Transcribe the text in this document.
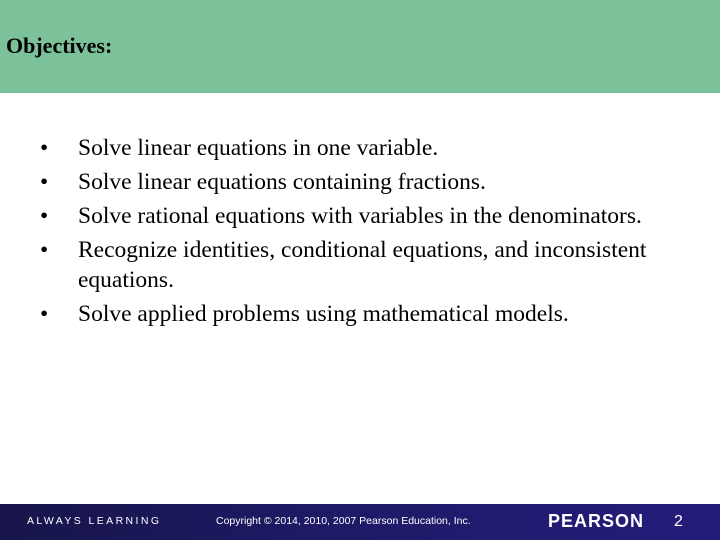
Objectives:
•	Solve linear equations in one variable.
•	Solve linear equations containing fractions.
•	Solve rational equations with variables in the denominators.
•	Recognize identities, conditional equations, and inconsistent equations.
•	Solve applied problems using mathematical models.
ALWAYS LEARNING	Copyright © 2014, 2010, 2007 Pearson Education, Inc.	PEARSON 2
